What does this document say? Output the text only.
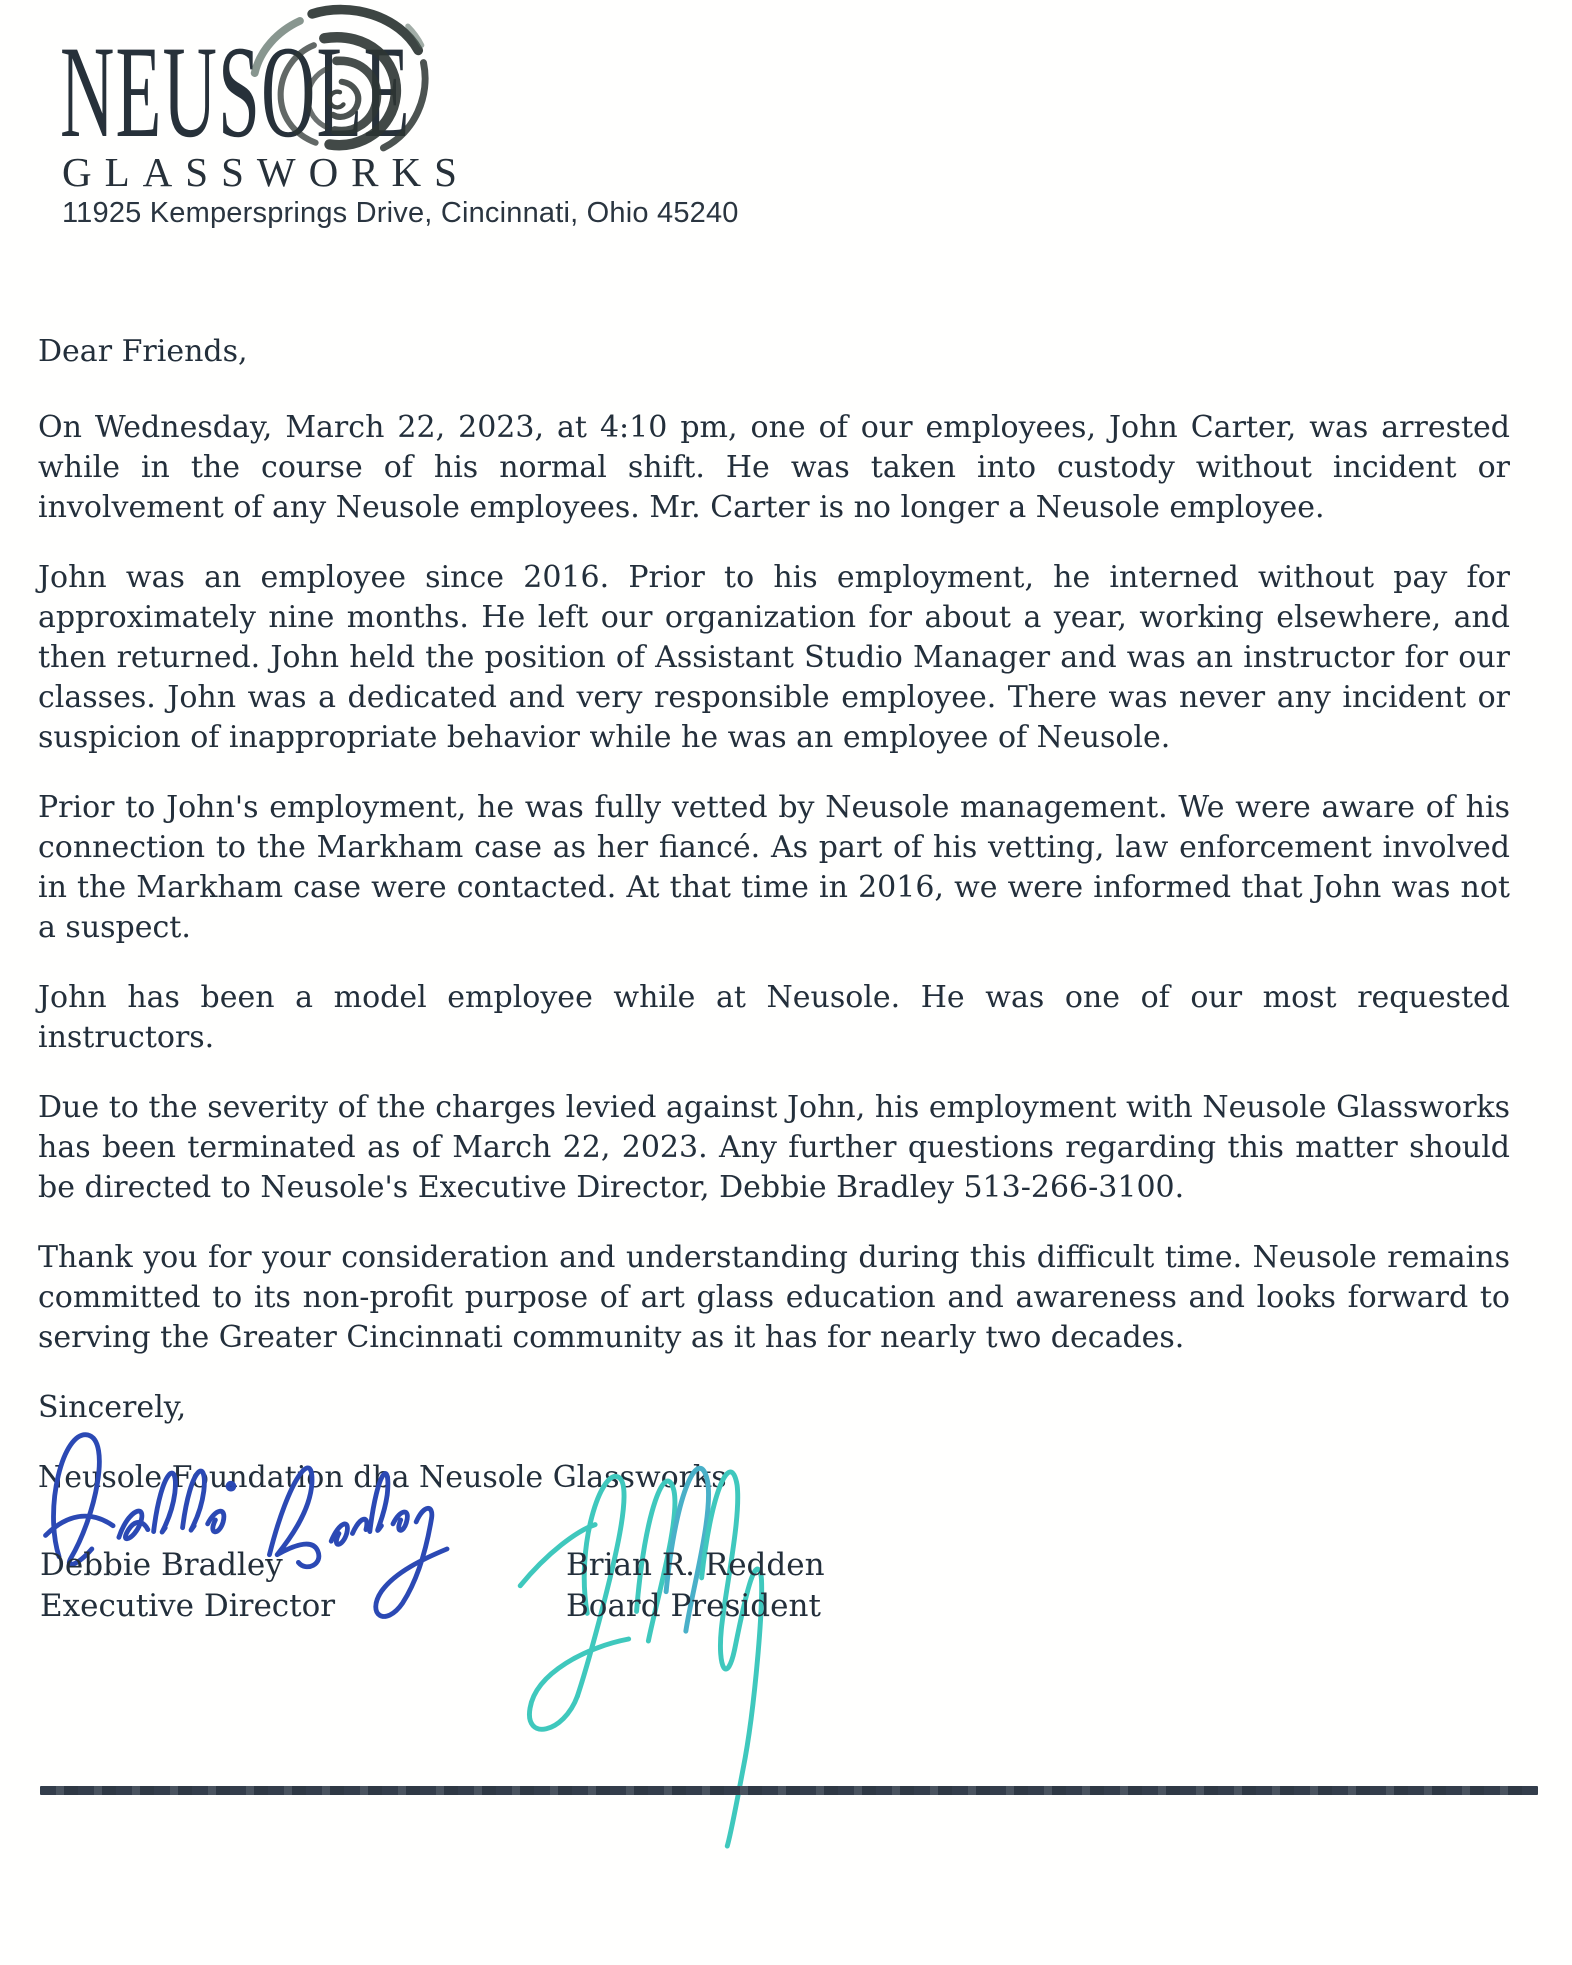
NEUSOLE
GLASSWORKS
11925 Kempersprings Drive, Cincinnati, Ohio 45240

Dear Friends,

On Wednesday, March 22, 2023, at 4:10 pm, one of our employees, John Carter, was arrested while in the course of his normal shift. He was taken into custody without incident or involvement of any Neusole employees. Mr. Carter is no longer a Neusole employee.

John was an employee since 2016. Prior to his employment, he interned without pay for approximately nine months. He left our organization for about a year, working elsewhere, and then returned. John held the position of Assistant Studio Manager and was an instructor for our classes. John was a dedicated and very responsible employee. There was never any incident or suspicion of inappropriate behavior while he was an employee of Neusole.

Prior to John's employment, he was fully vetted by Neusole management. We were aware of his connection to the Markham case as her fiancé. As part of his vetting, law enforcement involved in the Markham case were contacted. At that time in 2016, we were informed that John was not a suspect.

John has been a model employee while at Neusole. He was one of our most requested instructors.

Due to the severity of the charges levied against John, his employment with Neusole Glassworks has been terminated as of March 22, 2023. Any further questions regarding this matter should be directed to Neusole's Executive Director, Debbie Bradley 513-266-3100.

Thank you for your consideration and understanding during this difficult time. Neusole remains committed to its non-profit purpose of art glass education and awareness and looks forward to serving the Greater Cincinnati community as it has for nearly two decades.

Sincerely,

Neusole Foundation dba Neusole Glassworks

Debbie Bradley
Executive Director
Brian R. Redden
Board President
